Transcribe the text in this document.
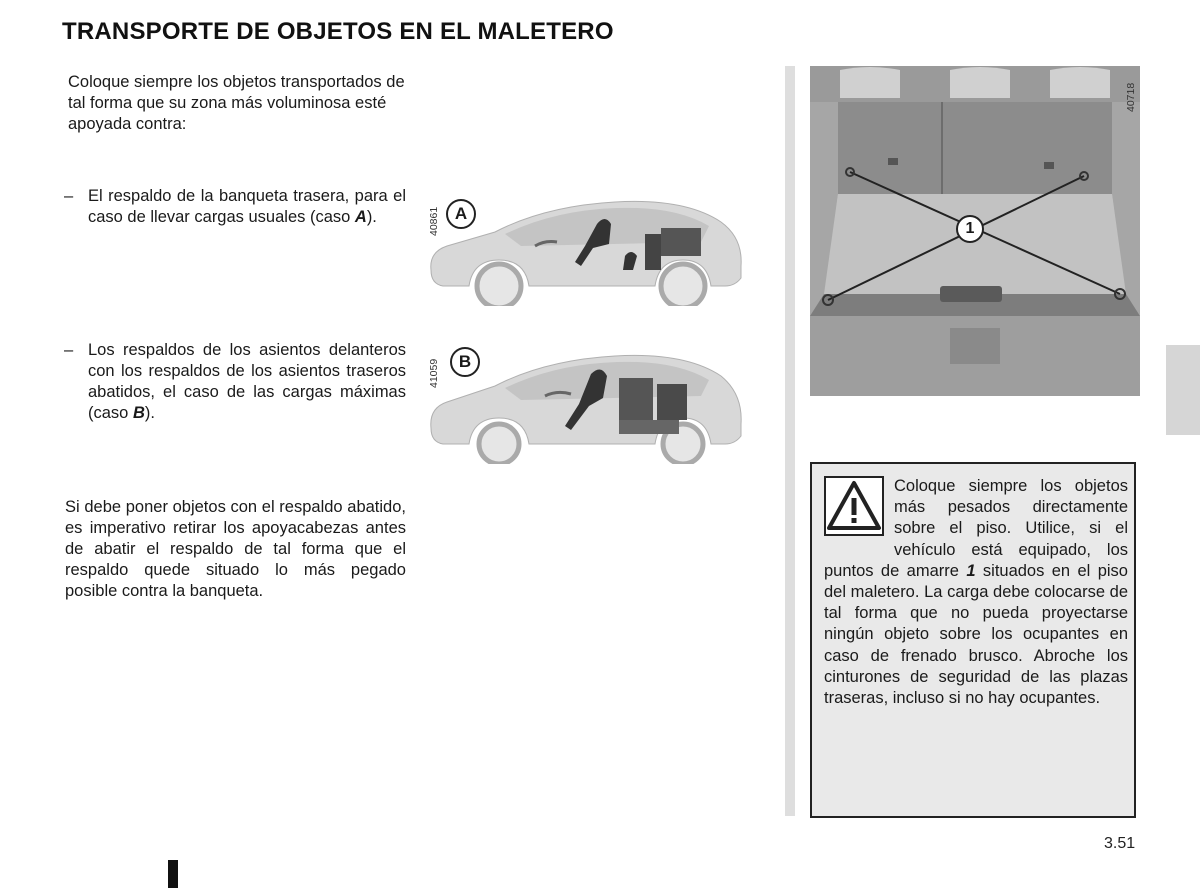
TRANSPORTE DE OBJETOS EN EL MALETERO
Coloque siempre los objetos transportados de tal forma que su zona más voluminosa esté apoyada contra:
– El respaldo de la banqueta trasera, para el caso de llevar cargas usuales (caso A).
– Los respaldos de los asientos delanteros con los respaldos de los asientos traseros abatidos, el caso de las cargas máximas (caso B).
Si debe poner objetos con el respaldo abatido, es imperativo retirar los apoyacabezas antes de abatir el respaldo de tal forma que el respaldo quede situado lo más pegado posible contra la banqueta.
40861 A
41059	B
1
40718
Coloque siempre los objetos más pesados directamente sobre el piso. Utilice, si el vehículo está equipado, los puntos de amarre 1 situados en el piso del maletero. La carga debe colocarse de tal forma que no pueda proyectarse ningún objeto sobre los ocupantes en caso de frenado brusco. Abroche los cinturones de seguridad de las plazas traseras, incluso si no hay ocupantes.
3.51
